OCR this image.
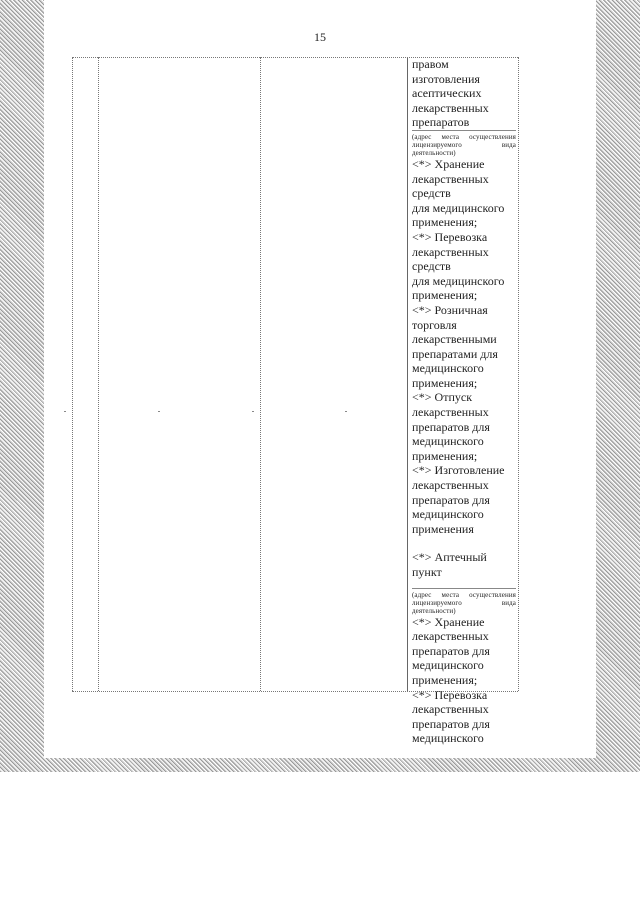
15

правом

изготовления

асептических

лекарственных

препаратов

(адрес места осуществления лицензируемого вида деятельности)

<*> Хранение

лекарственных средств

для медицинского

применения;

<*> Перевозка

лекарственных средств

для медицинского

применения;

<*> Розничная торговля

лекарственными

препаратами для

медицинского

применения;

<*> Отпуск

лекарственных

препаратов для

медицинского

применения;

<*> Изготовление

лекарственных

препаратов для

медицинского

применения

<*> Аптечный пункт

(адрес места осуществления лицензируемого вида деятельности)

<*> Хранение

лекарственных

препаратов для

медицинского

применения;

<*> Перевозка

лекарственных

препаратов для

медицинского
